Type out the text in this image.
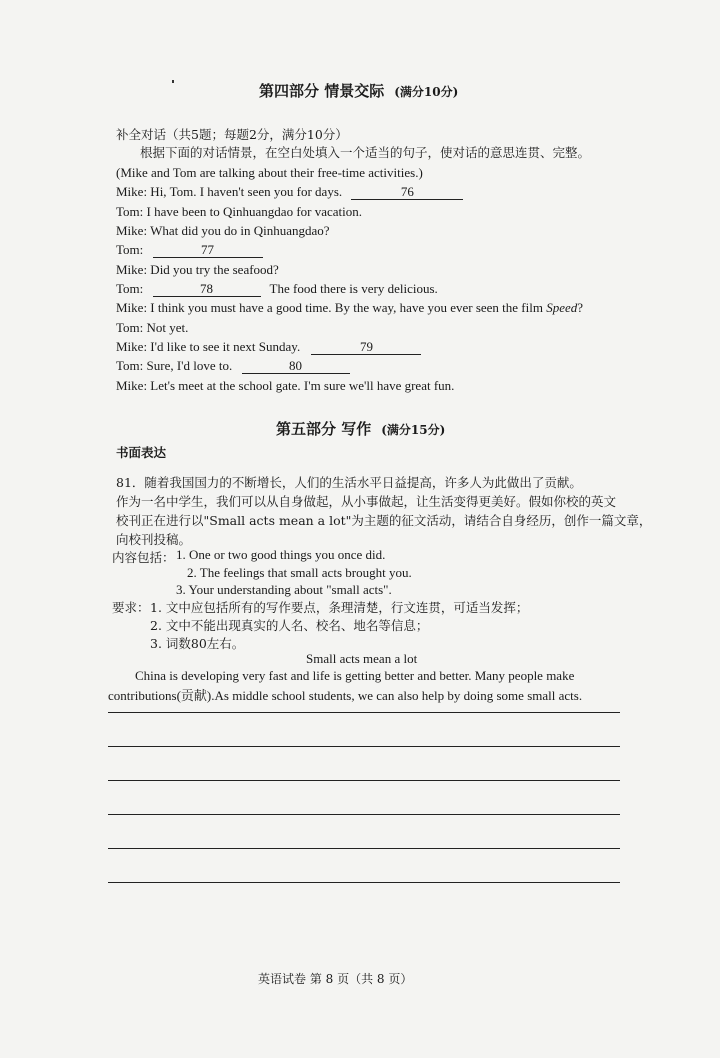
第四部分 情景交际 (满分10分)
补全对话（共5题；每题2分，满分10分）
根据下面的对话情景，在空白处填入一个适当的句子，使对话的意思连贯、完整。
(Mike and Tom are talking about their free-time activities.)
Mike: Hi, Tom. I haven't seen you for days.	76
Tom: I have been to Qinhuangdao for vacation.
Mike: What did you do in Qinhuangdao?
Tom:	77
Mike: Did you try the seafood?
Tom:	78	The food there is very delicious.
Mike: I think you must have a good time. By the way, have you ever seen the film Speed?
Tom: Not yet.
Mike: I'd like to see it next Sunday.	79
Tom: Sure, I'd love to.	80
Mike: Let's meet at the school gate. I'm sure we'll have great fun.
第五部分 写作 (满分15分)
书面表达
81．随着我国国力的不断增长，人们的生活水平日益提高，许多人为此做出了贡献。
作为一名中学生，我们可以从自身做起，从小事做起，让生活变得更美好。假如你校的英文
校刊正在进行以"Small acts mean a lot"为主题的征文活动，请结合自身经历，创作一篇文章，
向校刊投稿。
内容包括： 1. One or two good things you once did.
2. The feelings that small acts brought you.
3. Your understanding about "small acts".
要求： 1. 文中应包括所有的写作要点，条理清楚，行文连贯，可适当发挥；
2. 文中不能出现真实的人名、校名、地名等信息；
3. 词数80左右。
Small acts mean a lot
China is developing very fast and life is getting better and better. Many people make
contributions(贡献).As middle school students, we can also help by doing some small acts.
英语试卷 第 8 页（共 8 页）
